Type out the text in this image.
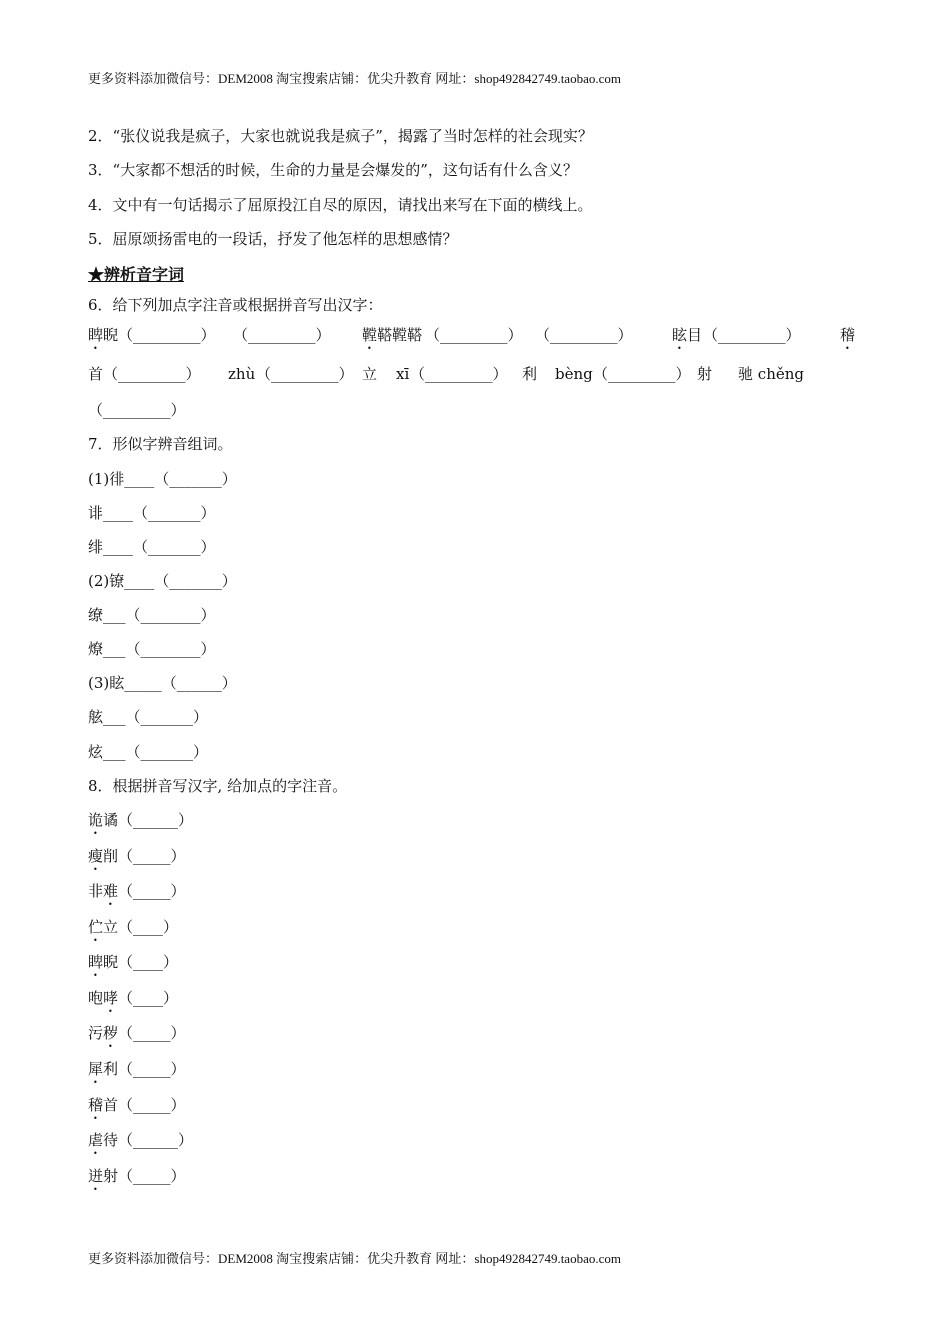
更多资料添加微信号：DEM2008 淘宝搜索店铺：优尖升教育 网址：shop492842749.taobao.com
2．“张仪说我是疯子，大家也就说我是疯子”，揭露了当时怎样的社会现实？
3．“大家都不想活的时候，生命的力量是会爆发的”，这句话有什么含义？
4．文中有一句话揭示了屈原投江自尽的原因，请找出来写在下面的横线上。
5．屈原颂扬雷电的一段话，抒发了他怎样的思想感情？
★辨析音字词
6．给下列加点字注音或根据拼音写出汉字：
睥睨 （_________） （_________） 鞺鞳鞺鞳 （_________） （_________）	眩目 （_________）	稽
首 （_________） zhù （_________） 立 xī （_________） 利 bèng （_________） 射 驰 chěng
（_________）
7．形似字辨音组词。
(1)徘____（_______）
诽____（_______）
绯____（_______）
(2)镣____（_______）
缭___（________）
燎___（________）
(3)眩_____（______）
舷___（_______）
炫___（_______）
8．根据拼音写汉字, 给加点的字注音。
诡谲（______）
瘦削（_____）
非难（_____）
伫立（____）
睥睨（____）
咆哮（____）
污秽（_____）
犀利（_____）
稽首（_____）
虐待（______）
迸射（_____）
更多资料添加微信号：DEM2008 淘宝搜索店铺：优尖升教育 网址：shop492842749.taobao.com
